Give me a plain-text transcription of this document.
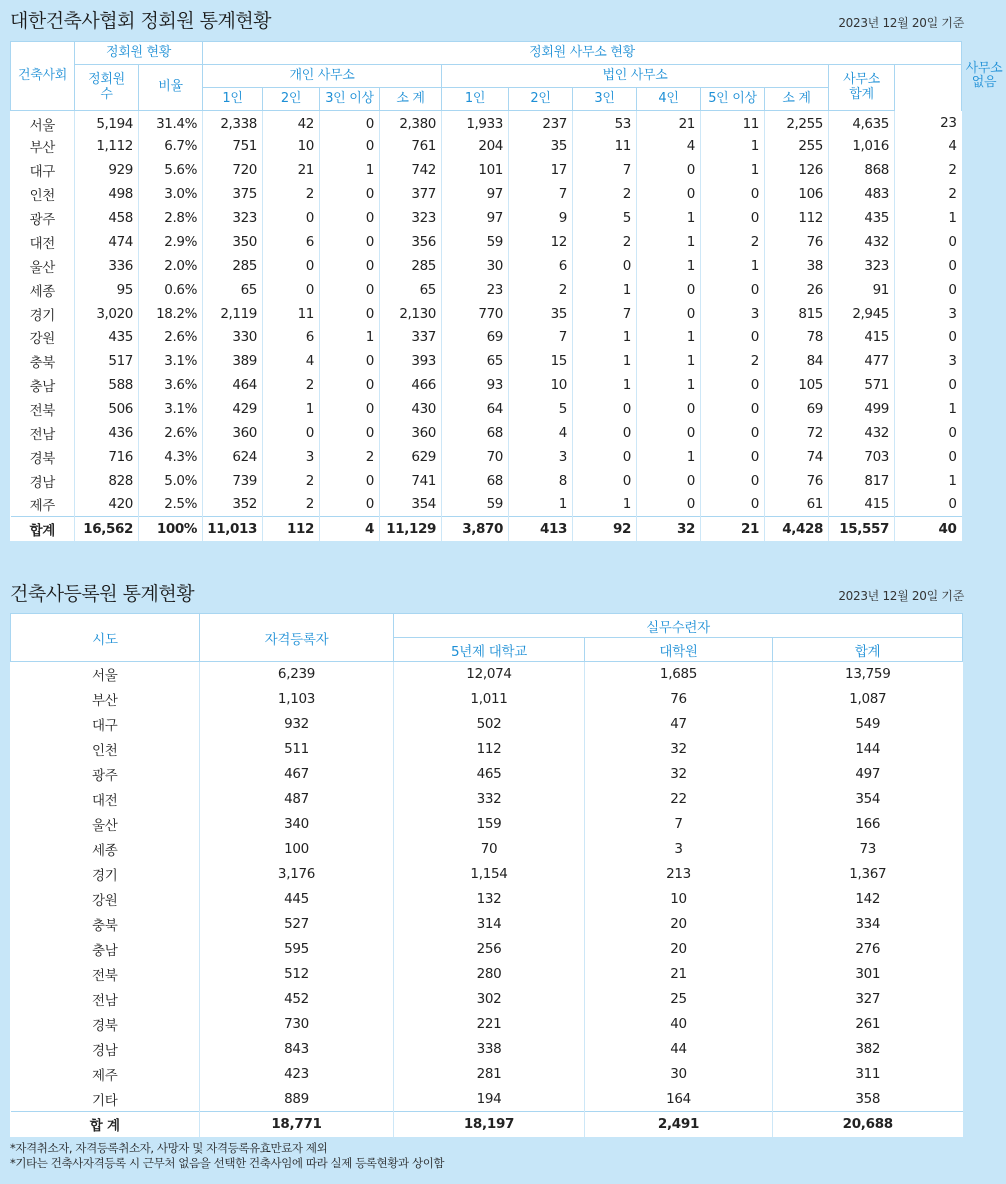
대한건축사협회 정회원 통계현황	2023년 12월 20일 기준
건축사회	정회원 현황		정회원 사무소 현황												사무소 없음
	정회원 수	비율	개인 사무소				법인 사무소						사무소 합계		
			1인	2인	3인 이상	소 계	1인	2인	3인	4인	5인 이상	소 계			
서울	5,194	31.4%	2,338	42	0	2,380	1,933	237	53	21	11	2,255	4,635	23	
부산	1,112	6.7%	751	10	0	761	204	35	11	4	1	255	1,016	4	
대구	929	5.6%	720	21	1	742	101	17	7	0	1	126	868	2	
인천	498	3.0%	375	2	0	377	97	7	2	0	0	106	483	2	
광주	458	2.8%	323	0	0	323	97	9	5	1	0	112	435	1	
대전	474	2.9%	350	6	0	356	59	12	2	1	2	76	432	0	
울산	336	2.0%	285	0	0	285	30	6	0	1	1	38	323	0	
세종	95	0.6%	65	0	0	65	23	2	1	0	0	26	91	0	
경기	3,020	18.2%	2,119	11	0	2,130	770	35	7	0	3	815	2,945	3	
강원	435	2.6%	330	6	1	337	69	7	1	1	0	78	415	0	
충북	517	3.1%	389	4	0	393	65	15	1	1	2	84	477	3	
충남	588	3.6%	464	2	0	466	93	10	1	1	0	105	571	0	
전북	506	3.1%	429	1	0	430	64	5	0	0	0	69	499	1	
전남	436	2.6%	360	0	0	360	68	4	0	0	0	72	432	0	
경북	716	4.3%	624	3	2	629	70	3	0	1	0	74	703	0	
경남	828	5.0%	739	2	0	741	68	8	0	0	0	76	817	1	
제주	420	2.5%	352	2	0	354	59	1	1	0	0	61	415	0	
합계	16,562	100%	11,013	112	4	11,129	3,870	413	92	32	21	4,428	15,557	40	
건축사등록원 통계현황	2023년 12월 20일 기준
시도	자격등록자	실무수련자		
		5년제 대학교	대학원	합계
서울	6,239	12,074	1,685	13,759
부산	1,103	1,011	76	1,087
대구	932	502	47	549
인천	511	112	32	144
광주	467	465	32	497
대전	487	332	22	354
울산	340	159	7	166
세종	100	70	3	73
경기	3,176	1,154	213	1,367
강원	445	132	10	142
충북	527	314	20	334
충남	595	256	20	276
전북	512	280	21	301
전남	452	302	25	327
경북	730	221	40	261
경남	843	338	44	382
제주	423	281	30	311
기타	889	194	164	358
합 계	18,771	18,197	2,491	20,688
*자격취소자, 자격등록취소자, 사망자 및 자격등록유효만료자 제외
*기타는 건축사자격등록 시 근무처 없음을 선택한 건축사임에 따라 실제 등록현황과 상이함
